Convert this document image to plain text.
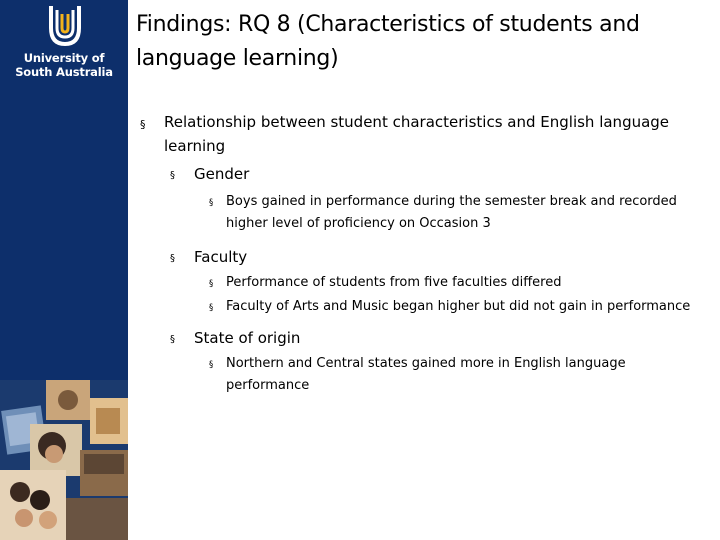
University of
South Australia
Findings: RQ 8 (Characteristics of students and language learning)
§ Relationship between student characteristics and English language learning
§ Gender
§ Boys gained in performance during the semester break and recorded higher level of proficiency on Occasion 3
§ Faculty
§ Performance of students from five faculties differed
§ Faculty of Arts and Music began higher but did not gain in performance
§ State of origin
§ Northern and Central states gained more in English language performance
